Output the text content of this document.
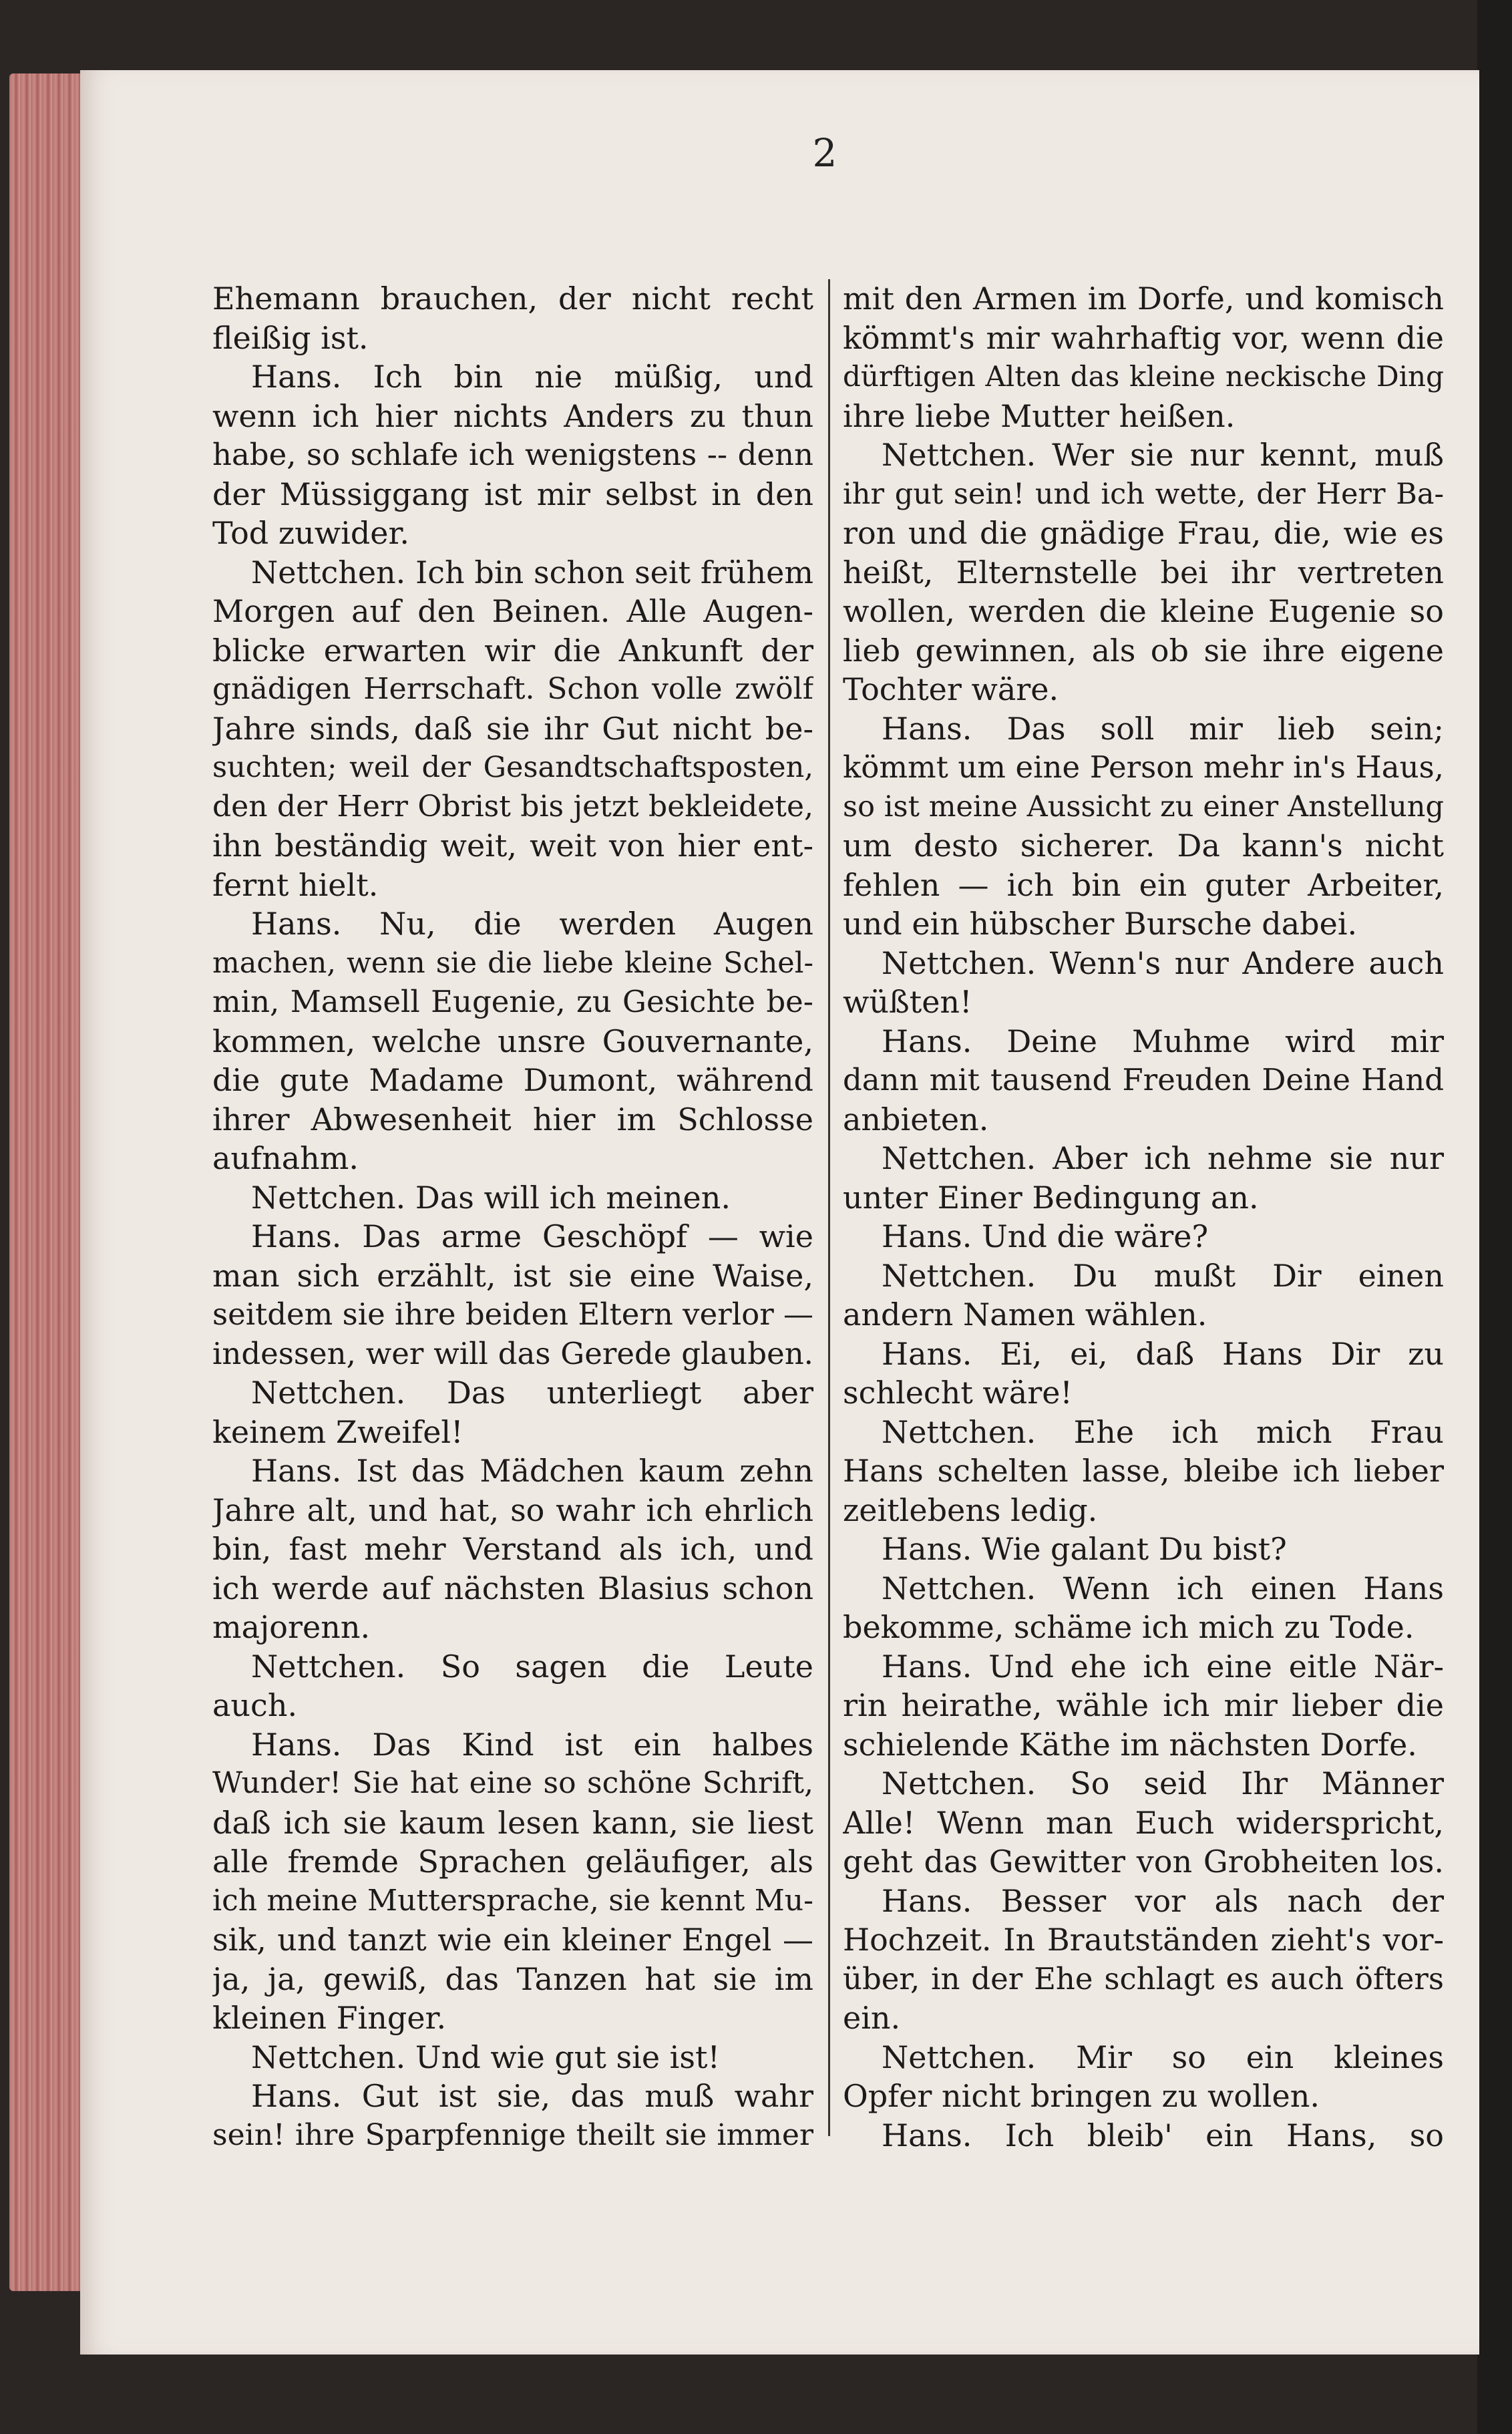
2

Ehemann brauchen, der nicht recht

fleißig ist.

Hans. Ich bin nie müßig, und

wenn ich hier nichts Anders zu thun

habe, so schlafe ich wenigstens -- denn

der Müssiggang ist mir selbst in den

Tod zuwider.

Nettchen. Ich bin schon seit frühem

Morgen auf den Beinen. Alle Augen-

blicke erwarten wir die Ankunft der

gnädigen Herrschaft. Schon volle zwölf

Jahre sinds, daß sie ihr Gut nicht be-

suchten; weil der Gesandtschaftsposten,

den der Herr Obrist bis jetzt bekleidete,

ihn beständig weit, weit von hier ent-

fernt hielt.

Hans. Nu, die werden Augen

machen, wenn sie die liebe kleine Schel-

min, Mamsell Eugenie, zu Gesichte be-

kommen, welche unsre Gouvernante,

die gute Madame Dumont, während

ihrer Abwesenheit hier im Schlosse

aufnahm.

Nettchen. Das will ich meinen.

Hans. Das arme Geschöpf — wie

man sich erzählt, ist sie eine Waise,

seitdem sie ihre beiden Eltern verlor —

indessen, wer will das Gerede glauben.

Nettchen. Das unterliegt aber

keinem Zweifel!

Hans. Ist das Mädchen kaum zehn

Jahre alt, und hat, so wahr ich ehrlich

bin, fast mehr Verstand als ich, und

ich werde auf nächsten Blasius schon

majorenn.

Nettchen. So sagen die Leute

auch.

Hans. Das Kind ist ein halbes

Wunder! Sie hat eine so schöne Schrift,

daß ich sie kaum lesen kann, sie liest

alle fremde Sprachen geläufiger, als

ich meine Muttersprache, sie kennt Mu-

sik, und tanzt wie ein kleiner Engel —

ja, ja, gewiß, das Tanzen hat sie im

kleinen Finger.

Nettchen. Und wie gut sie ist!

Hans. Gut ist sie, das muß wahr

sein! ihre Sparpfennige theilt sie immer

mit den Armen im Dorfe, und komisch

kömmt's mir wahrhaftig vor, wenn die

dürftigen Alten das kleine neckische Ding

ihre liebe Mutter heißen.

Nettchen. Wer sie nur kennt, muß

ihr gut sein! und ich wette, der Herr Ba-

ron und die gnädige Frau, die, wie es

heißt, Elternstelle bei ihr vertreten

wollen, werden die kleine Eugenie so

lieb gewinnen, als ob sie ihre eigene

Tochter wäre.

Hans. Das soll mir lieb sein;

kömmt um eine Person mehr in's Haus,

so ist meine Aussicht zu einer Anstellung

um desto sicherer. Da kann's nicht

fehlen — ich bin ein guter Arbeiter,

und ein hübscher Bursche dabei.

Nettchen. Wenn's nur Andere auch

wüßten!

Hans. Deine Muhme wird mir

dann mit tausend Freuden Deine Hand

anbieten.

Nettchen. Aber ich nehme sie nur

unter Einer Bedingung an.

Hans. Und die wäre?

Nettchen. Du mußt Dir einen

andern Namen wählen.

Hans. Ei, ei, daß Hans Dir zu

schlecht wäre!

Nettchen. Ehe ich mich Frau

Hans schelten lasse, bleibe ich lieber

zeitlebens ledig.

Hans. Wie galant Du bist?

Nettchen. Wenn ich einen Hans

bekomme, schäme ich mich zu Tode.

Hans. Und ehe ich eine eitle När-

rin heirathe, wähle ich mir lieber die

schielende Käthe im nächsten Dorfe.

Nettchen. So seid Ihr Männer

Alle! Wenn man Euch widerspricht,

geht das Gewitter von Grobheiten los.

Hans. Besser vor als nach der

Hochzeit. In Brautständen zieht's vor-

über, in der Ehe schlagt es auch öfters

ein.

Nettchen. Mir so ein kleines

Opfer nicht bringen zu wollen.

Hans. Ich bleib' ein Hans, so
